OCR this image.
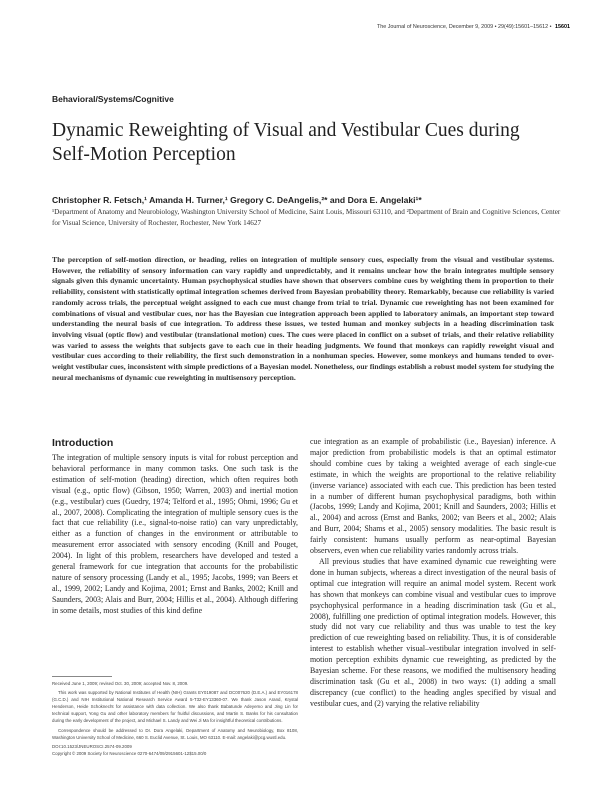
The Journal of Neuroscience, December 9, 2009 • 29(49):15601–15612 • 15601
Behavioral/Systems/Cognitive
Dynamic Reweighting of Visual and Vestibular Cues during Self-Motion Perception
Christopher R. Fetsch,¹ Amanda H. Turner,¹ Gregory C. DeAngelis,²* and Dora E. Angelaki¹*
¹Department of Anatomy and Neurobiology, Washington University School of Medicine, Saint Louis, Missouri 63110, and ²Department of Brain and Cognitive Sciences, Center for Visual Science, University of Rochester, Rochester, New York 14627
The perception of self-motion direction, or heading, relies on integration of multiple sensory cues, especially from the visual and vestibular systems. However, the reliability of sensory information can vary rapidly and unpredictably, and it remains unclear how the brain integrates multiple sensory signals given this dynamic uncertainty. Human psychophysical studies have shown that observers combine cues by weighting them in proportion to their reliability, consistent with statistically optimal integration schemes derived from Bayesian probability theory. Remarkably, because cue reliability is varied randomly across trials, the perceptual weight assigned to each cue must change from trial to trial. Dynamic cue reweighting has not been examined for combinations of visual and vestibular cues, nor has the Bayesian cue integration approach been applied to laboratory animals, an important step toward understanding the neural basis of cue integration. To address these issues, we tested human and monkey subjects in a heading discrimination task involving visual (optic flow) and vestibular (translational motion) cues. The cues were placed in conflict on a subset of trials, and their relative reliability was varied to assess the weights that subjects gave to each cue in their heading judgments. We found that monkeys can rapidly reweight visual and vestibular cues according to their reliability, the first such demonstration in a nonhuman species. However, some monkeys and humans tended to over-weight vestibular cues, inconsistent with simple predictions of a Bayesian model. Nonetheless, our findings establish a robust model system for studying the neural mechanisms of dynamic cue reweighting in multisensory perception.
Introduction

The integration of multiple sensory inputs is vital for robust perception and behavioral performance in many common tasks. One such task is the estimation of self-motion (heading) direction, which often requires both visual (e.g., optic flow) (Gibson, 1950; Warren, 2003) and inertial motion (e.g., vestibular) cues (Guedry, 1974; Telford et al., 1995; Ohmi, 1996; Gu et al., 2007, 2008). Complicating the integration of multiple sensory cues is the fact that cue reliability (i.e., signal-to-noise ratio) can vary unpredictably, either as a function of changes in the environment or attributable to measurement error associated with sensory encoding (Knill and Pouget, 2004). In light of this problem, researchers have developed and tested a general framework for cue integration that accounts for the probabilistic nature of sensory processing (Landy et al., 1995; Jacobs, 1999; van Beers et al., 1999, 2002; Landy and Kojima, 2001; Ernst and Banks, 2002; Knill and Saunders, 2003; Alais and Burr, 2004; Hillis et al., 2004). Although differing in some details, most studies of this kind define

Received June 1, 2009; revised Oct. 30, 2009; accepted Nov. 8, 2009.

This work was supported by National Institutes of Health (NIH) Grants EY019087 and DC007620 (D.E.A.) and EY016178 (G.C.D.) and NIH Institutional National Research Service Award 5-T32-EY13360-07. We thank Jason Arand, Krystal Henderson, Heide Schoknecht for assistance with data collection. We also thank Babatunde Adeyemo and Jing Lin for technical support, Yong Gu and other laboratory members for fruitful discussions, and Martin S. Banks for his consultation during the early development of the project, and Michael S. Landy and Wei Ji Ma for insightful theoretical contributions.

Correspondence should be addressed to Dr. Dora Angelaki, Department of Anatomy and Neurobiology, Box 8108, Washington University School of Medicine, 660 S. Euclid Avenue, St. Louis, MO 63110. E-mail: angelaki@pcg.wustl.edu.

DOI:10.1523/JNEUROSCI.2574-09.2009

Copyright © 2009 Society for Neuroscience 0270-6474/09/2915601-12$15.00/0

cue integration as an example of probabilistic (i.e., Bayesian) inference. A major prediction from probabilistic models is that an optimal estimator should combine cues by taking a weighted average of each single-cue estimate, in which the weights are proportional to the relative reliability (inverse variance) associated with each cue. This prediction has been tested in a number of different human psychophysical paradigms, both within (Jacobs, 1999; Landy and Kojima, 2001; Knill and Saunders, 2003; Hillis et al., 2004) and across (Ernst and Banks, 2002; van Beers et al., 2002; Alais and Burr, 2004; Shams et al., 2005) sensory modalities. The basic result is fairly consistent: humans usually perform as near-optimal Bayesian observers, even when cue reliability varies randomly across trials.

All previous studies that have examined dynamic cue reweighting were done in human subjects, whereas a direct investigation of the neural basis of optimal cue integration will require an animal model system. Recent work has shown that monkeys can combine visual and vestibular cues to improve psychophysical performance in a heading discrimination task (Gu et al., 2008), fulfilling one prediction of optimal integration models. However, this study did not vary cue reliability and thus was unable to test the key prediction of cue reweighting based on reliability. Thus, it is of considerable interest to establish whether visual–vestibular integration involved in self-motion perception exhibits dynamic cue reweighting, as predicted by the Bayesian scheme. For these reasons, we modified the multisensory heading discrimination task (Gu et al., 2008) in two ways: (1) adding a small discrepancy (cue conflict) to the heading angles specified by visual and vestibular cues, and (2) varying the relative reliability
